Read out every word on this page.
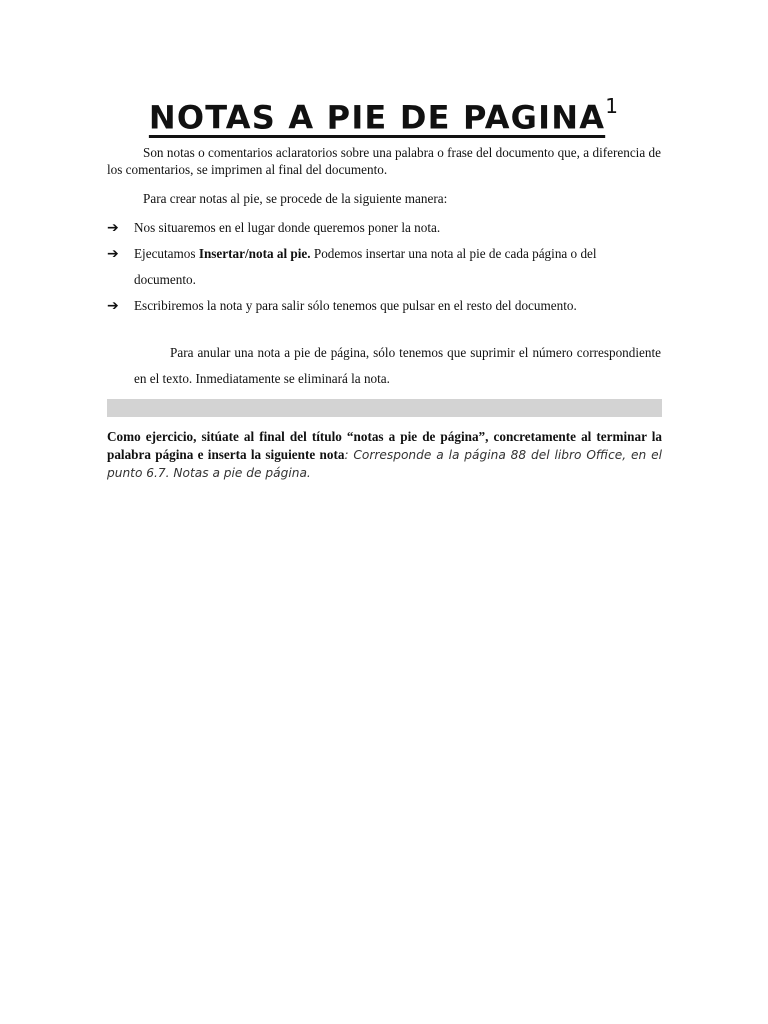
NOTAS A PIE DE PAGINA$^1$

Son notas o comentarios aclaratorios sobre una palabra o frase del documento que, a diferencia de los comentarios, se imprimen al final del documento.

Para crear notas al pie, se procede de la siguiente manera:

➔ Nos situaremos en el lugar donde queremos poner la nota.
➔ Ejecutamos Insertar/nota al pie. Podemos insertar una nota al pie de cada página o del documento.
➔ Escribiremos la nota y para salir sólo tenemos que pulsar en el resto del documento.
Para anular una nota a pie de página, sólo tenemos que suprimir el número correspondiente en el texto. Inmediatamente se eliminará la nota.
Como ejercicio, sitúate al final del título “notas a pie de página”, concretamente al terminar la palabra página e inserta la siguiente nota: Corresponde a la página 88 del libro Office, en el punto 6.7. Notas a pie de página.
